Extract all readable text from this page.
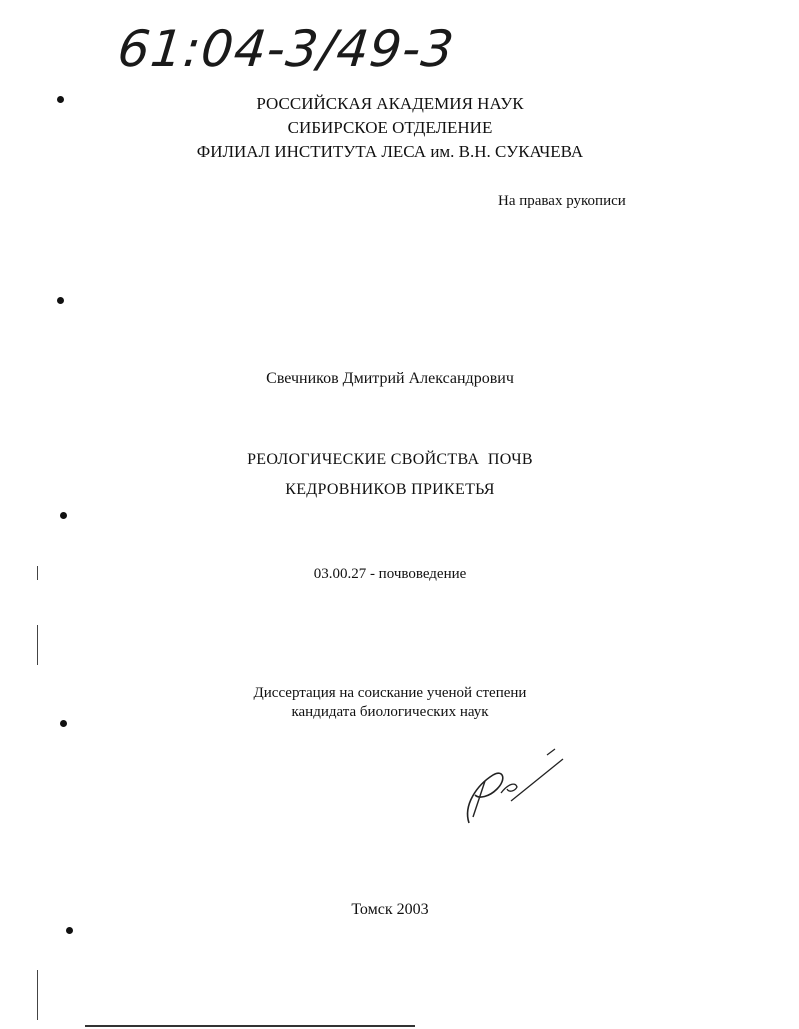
61:04-3/49-3
РОССИЙСКАЯ АКАДЕМИЯ НАУК
СИБИРСКОЕ ОТДЕЛЕНИЕ
ФИЛИАЛ ИНСТИТУТА ЛЕСА им. В.Н. СУКАЧЕВА
На правах рукописи
Свечников Дмитрий Александрович
РЕОЛОГИЧЕСКИЕ СВОЙСТВА  ПОЧВ
КЕДРОВНИКОВ ПРИКЕТЬЯ
03.00.27 - почвоведение
Диссертация на соискание ученой степени
кандидата биологических наук
Томск 2003
